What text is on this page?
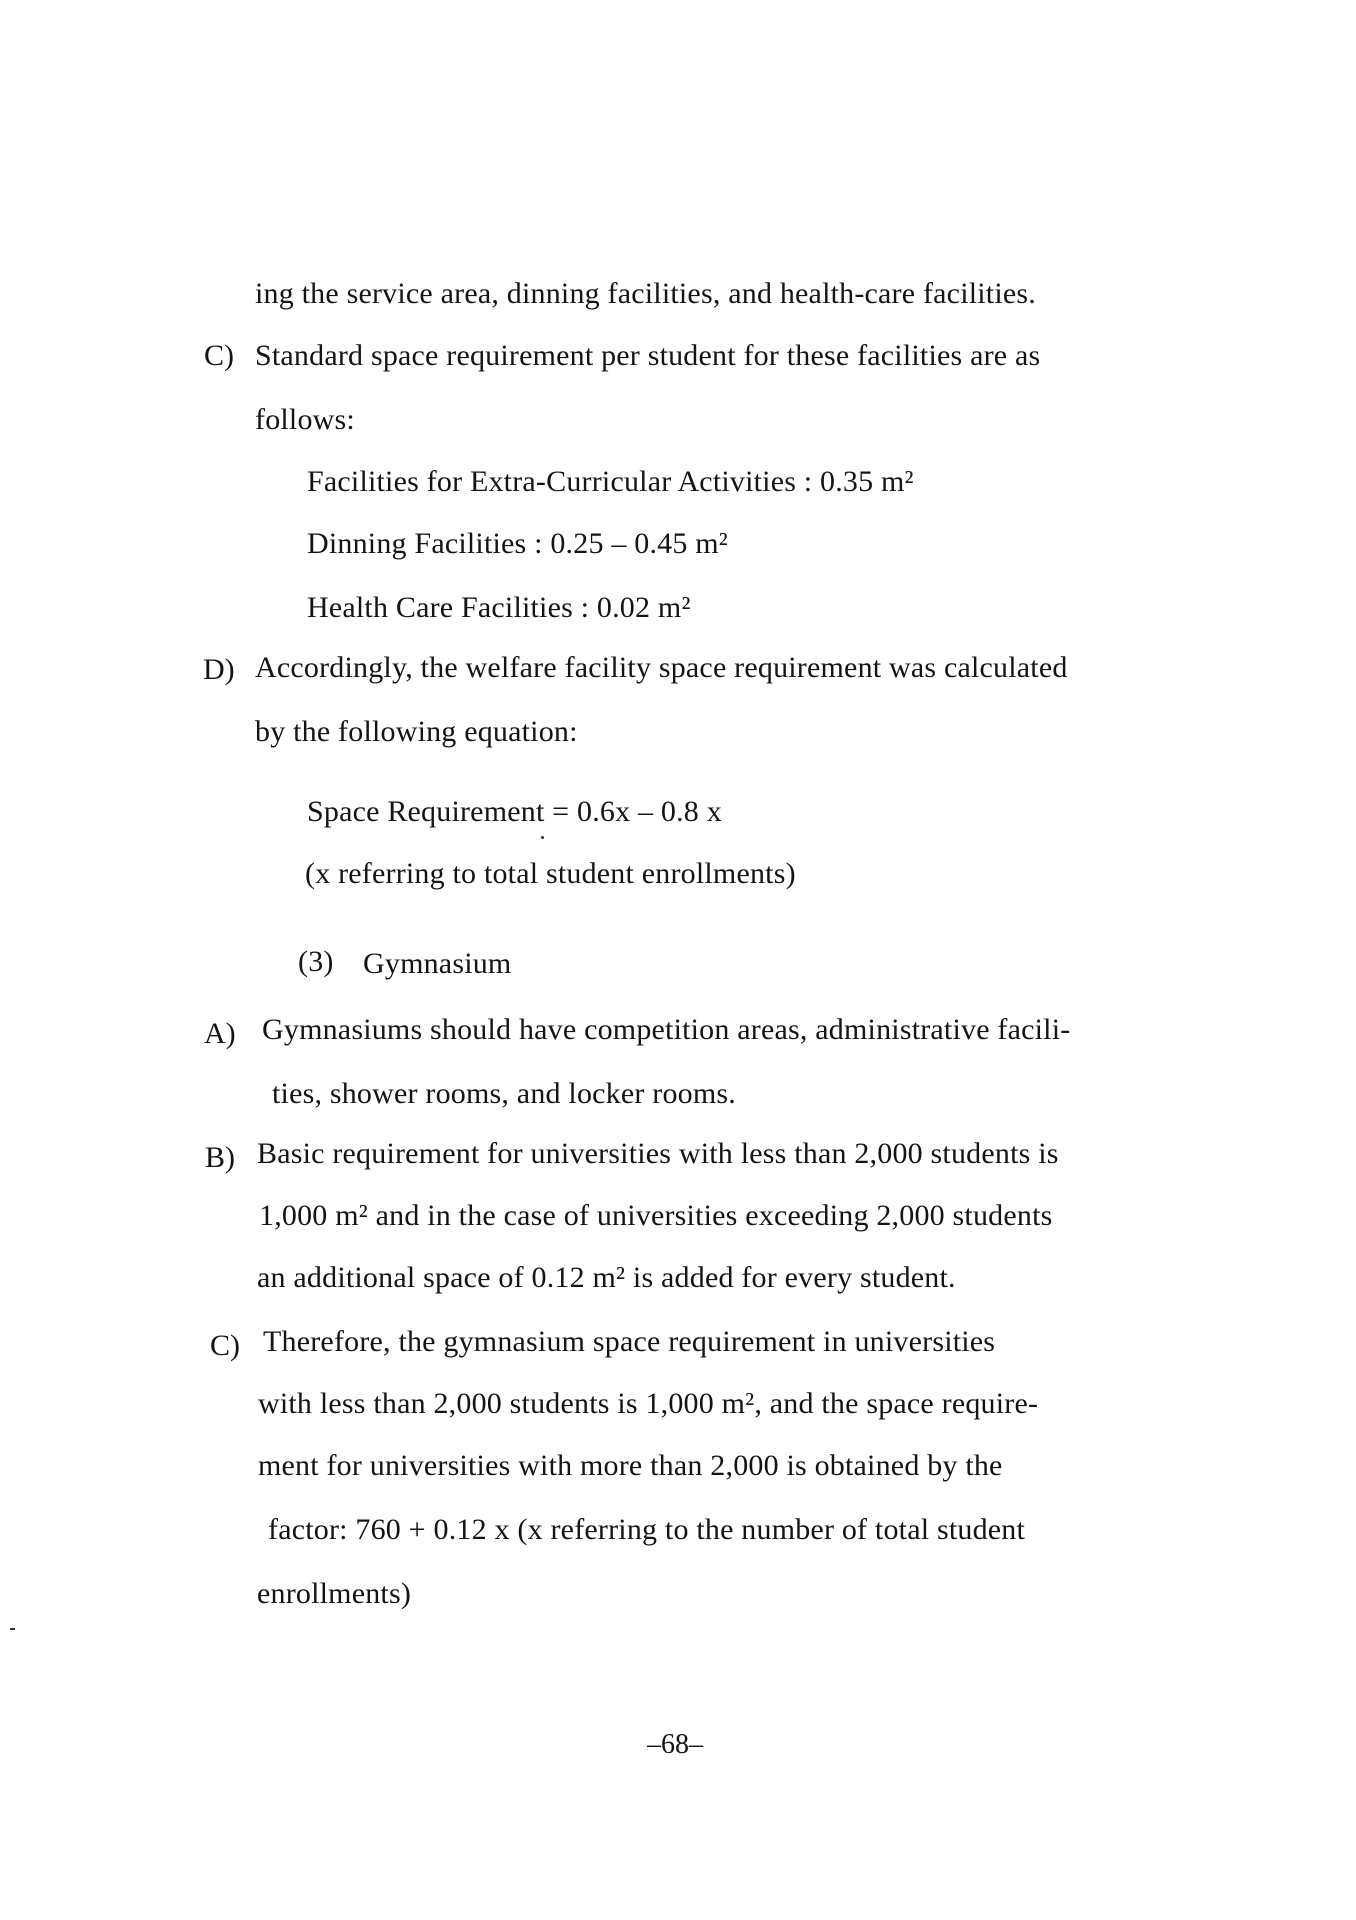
ing the service area, dinning facilities, and health-care facilities.
C) Standard space requirement per student for these facilities are as
follows:
Facilities for Extra-Curricular Activities : 0.35 m²
Dinning Facilities : 0.25 – 0.45 m²
Health Care Facilities : 0.02 m²
D) Accordingly, the welfare facility space requirement was calculated
by the following equation:
Space Requirement = 0.6x – 0.8 x
(x referring to total student enrollments)
(3) Gymnasium
A) Gymnasiums should have competition areas, administrative facili-
ties, shower rooms, and locker rooms.
B) Basic requirement for universities with less than 2,000 students is
1,000 m² and in the case of universities exceeding 2,000 students
an additional space of 0.12 m² is added for every student.
C) Therefore, the gymnasium space requirement in universities
with less than 2,000 students is 1,000 m², and the space require-
ment for universities with more than 2,000 is obtained by the
factor: 760 + 0.12 x (x referring to the number of total student
enrollments)
–68–
